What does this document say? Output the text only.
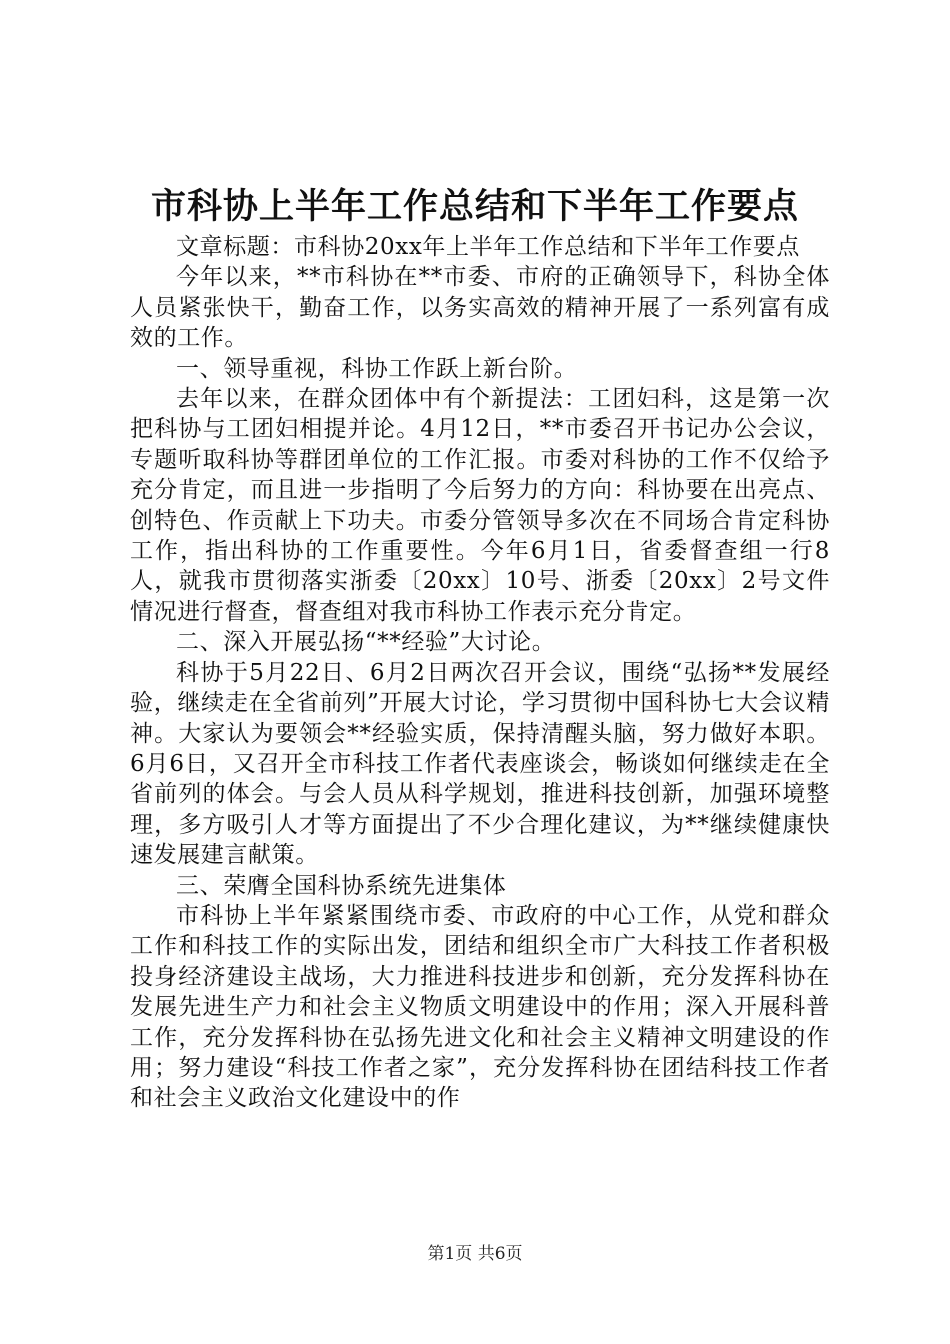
市科协上半年工作总结和下半年工作要点

文章标题：市科协20xx年上半年工作总结和下半年工作要点

今年以来，**市科协在**市委、市府的正确领导下，科协全体人员紧张快干，勤奋工作，以务实高效的精神开展了一系列富有成效的工作。

一、领导重视，科协工作跃上新台阶。

去年以来，在群众团体中有个新提法：工团妇科，这是第一次把科协与工团妇相提并论。4月12日，**市委召开书记办公会议，专题听取科协等群团单位的工作汇报。市委对科协的工作不仅给予充分肯定，而且进一步指明了今后努力的方向：科协要在出亮点、创特色、作贡献上下功夫。市委分管领导多次在不同场合肯定科协工作，指出科协的工作重要性。今年6月1日，省委督查组一行8人，就我市贯彻落实浙委〔20xx〕10号、浙委〔20xx〕2号文件情况进行督查，督查组对我市科协工作表示充分肯定。

二、深入开展弘扬“**经验”大讨论。

科协于5月22日、6月2日两次召开会议，围绕“弘扬**发展经验，继续走在全省前列”开展大讨论，学习贯彻中国科协七大会议精神。大家认为要领会**经验实质，保持清醒头脑，努力做好本职。6月6日，又召开全市科技工作者代表座谈会，畅谈如何继续走在全省前列的体会。与会人员从科学规划，推进科技创新，加强环境整理，多方吸引人才等方面提出了不少合理化建议，为**继续健康快速发展建言献策。

三、荣膺全国科协系统先进集体

市科协上半年紧紧围绕市委、市政府的中心工作，从党和群众工作和科技工作的实际出发，团结和组织全市广大科技工作者积极投身经济建设主战场，大力推进科技进步和创新，充分发挥科协在发展先进生产力和社会主义物质文明建设中的作用；深入开展科普工作，充分发挥科协在弘扬先进文化和社会主义精神文明建设的作用；努力建设“科技工作者之家”，充分发挥科协在团结科技工作者和社会主义政治文化建设中的作

第1页 共6页
